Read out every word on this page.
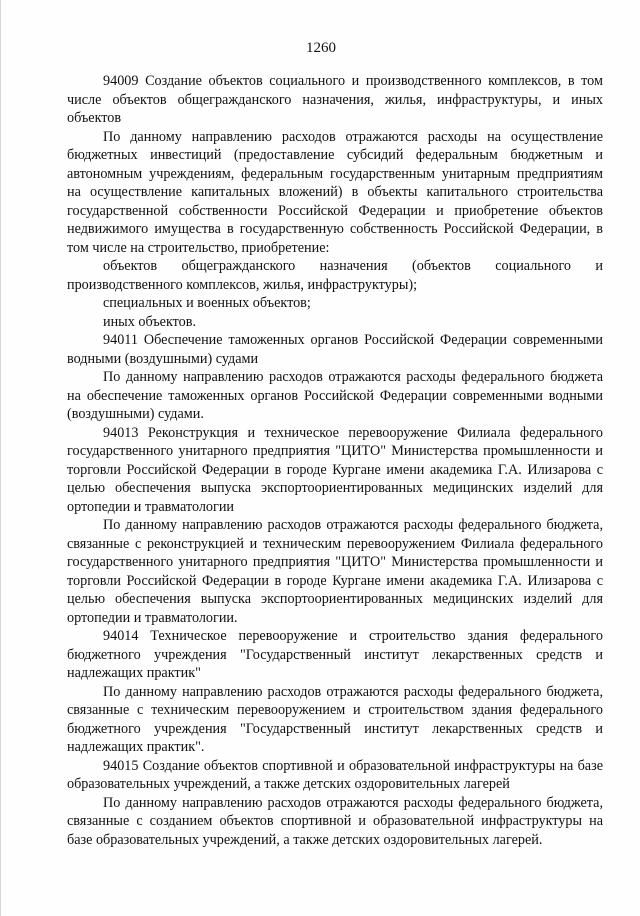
1260

94009 Создание объектов социального и производственного комплексов, в том числе объектов общегражданского назначения, жилья, инфраструктуры, и иных объектов

По данному направлению расходов отражаются расходы на осуществление бюджетных инвестиций (предоставление субсидий федеральным бюджетным и автономным учреждениям, федеральным государственным унитарным предприятиям на осуществление капитальных вложений) в объекты капитального строительства государственной собственности Российской Федерации и приобретение объектов недвижимого имущества в государственную собственность Российской Федерации, в том числе на строительство, приобретение:

объектов общегражданского назначения (объектов социального и производственного комплексов, жилья, инфраструктуры);

специальных и военных объектов;

иных объектов.

94011 Обеспечение таможенных органов Российской Федерации современными водными (воздушными) судами

По данному направлению расходов отражаются расходы федерального бюджета на обеспечение таможенных органов Российской Федерации современными водными (воздушными) судами.

94013 Реконструкция и техническое перевооружение Филиала федерального государственного унитарного предприятия "ЦИТО" Министерства промышленности и торговли Российской Федерации в городе Кургане имени академика Г.А. Илизарова с целью обеспечения выпуска экспортоориентированных медицинских изделий для ортопедии и травматологии

По данному направлению расходов отражаются расходы федерального бюджета, связанные с реконструкцией и техническим перевооружением Филиала федерального государственного унитарного предприятия "ЦИТО" Министерства промышленности и торговли Российской Федерации в городе Кургане имени академика Г.А. Илизарова с целью обеспечения выпуска экспортоориентированных медицинских изделий для ортопедии и травматологии.

94014 Техническое перевооружение и строительство здания федерального бюджетного учреждения "Государственный институт лекарственных средств и надлежащих практик"

По данному направлению расходов отражаются расходы федерального бюджета, связанные с техническим перевооружением и строительством здания федерального бюджетного учреждения "Государственный институт лекарственных средств и надлежащих практик".

94015 Создание объектов спортивной и образовательной инфраструктуры на базе образовательных учреждений, а также детских оздоровительных лагерей

По данному направлению расходов отражаются расходы федерального бюджета, связанные с созданием объектов спортивной и образовательной инфраструктуры на базе образовательных учреждений, а также детских оздоровительных лагерей.
